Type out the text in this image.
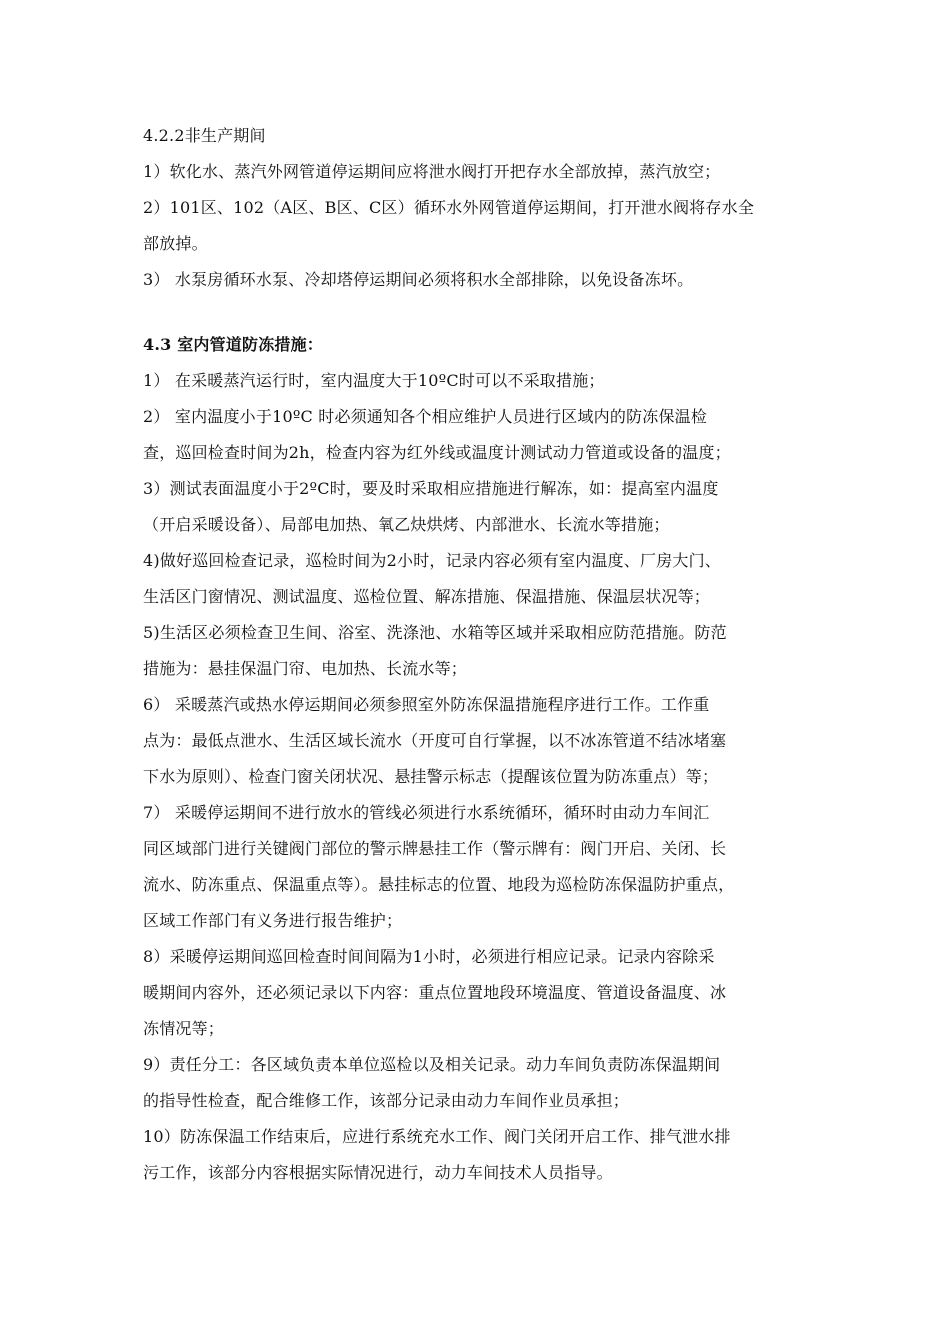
4.2.2非生产期间
1）软化水、蒸汽外网管道停运期间应将泄水阀打开把存水全部放掉，蒸汽放空；
2）101区、102（A区、B区、C区）循环水外网管道停运期间，打开泄水阀将存水全
部放掉。
3） 水泵房循环水泵、冷却塔停运期间必须将积水全部排除，以免设备冻坏。
4.3 室内管道防冻措施：
1） 在采暖蒸汽运行时，室内温度大于10ºC时可以不采取措施；
2） 室内温度小于10ºC 时必须通知各个相应维护人员进行区域内的防冻保温检
查，巡回检查时间为2h，检查内容为红外线或温度计测试动力管道或设备的温度；
3）测试表面温度小于2ºC时，要及时采取相应措施进行解冻，如：提高室内温度
（开启采暖设备）、局部电加热、氧乙炔烘烤、内部泄水、长流水等措施；
4)做好巡回检查记录，巡检时间为2小时，记录内容必须有室内温度、厂房大门、
生活区门窗情况、测试温度、巡检位置、解冻措施、保温措施、保温层状况等；
5)生活区必须检查卫生间、浴室、洗涤池、水箱等区域并采取相应防范措施。防范
措施为：悬挂保温门帘、电加热、长流水等；
6） 采暖蒸汽或热水停运期间必须参照室外防冻保温措施程序进行工作。工作重
点为：最低点泄水、生活区域长流水（开度可自行掌握，以不冰冻管道不结冰堵塞
下水为原则）、检查门窗关闭状况、悬挂警示标志（提醒该位置为防冻重点）等；
7） 采暖停运期间不进行放水的管线必须进行水系统循环，循环时由动力车间汇
同区域部门进行关键阀门部位的警示牌悬挂工作（警示牌有：阀门开启、关闭、长
流水、防冻重点、保温重点等）。悬挂标志的位置、地段为巡检防冻保温防护重点，
区域工作部门有义务进行报告维护；
8）采暖停运期间巡回检查时间间隔为1小时，必须进行相应记录。记录内容除采
暖期间内容外，还必须记录以下内容：重点位置地段环境温度、管道设备温度、冰
冻情况等；
9）责任分工：各区域负责本单位巡检以及相关记录。动力车间负责防冻保温期间
的指导性检查，配合维修工作，该部分记录由动力车间作业员承担；
10）防冻保温工作结束后，应进行系统充水工作、阀门关闭开启工作、排气泄水排
污工作，该部分内容根据实际情况进行，动力车间技术人员指导。
